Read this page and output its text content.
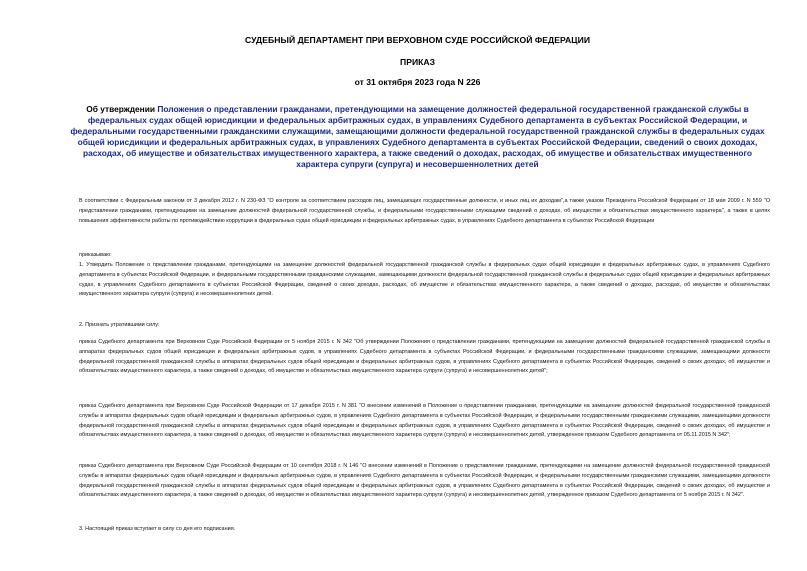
СУДЕБНЫЙ ДЕПАРТАМЕНТ ПРИ ВЕРХОВНОМ СУДЕ РОССИЙСКОЙ ФЕДЕРАЦИИ
ПРИКАЗ
от 31 октября 2023 года N 226
Об утверждении Положения о представлении гражданами, претендующими на замещение должностей федеральной государственной гражданской службы в федеральных судах общей юрисдикции и федеральных арбитражных судах, в управлениях Судебного департамента в субъектах Российской Федерации, и федеральными государственными гражданскими служащими, замещающими должности федеральной государственной гражданской службы в федеральных судах общей юрисдикции и федеральных арбитражных судах, в управлениях Судебного департамента в субъектах Российской Федерации, сведений о своих доходах, расходах, об имуществе и обязательствах имущественного характера, а также сведений о доходах, расходах, об имуществе и обязательствах имущественного характера супруги (супруга) и несовершеннолетних детей
В соответствии с Федеральным законом от 3 декабря 2012 г. N 230-ФЗ "О контроле за соответствием расходов лиц, замещающих государственные должности, и иных лиц их доходам",а также указом Президента Российской Федерации от 18 мая 2009 г. N 559 "О представлении гражданами, претендующими на замещение должностей федеральной государственной службы, и федеральными государственными служащими сведений о доходах, об имуществе и обязательствах имущественного характера", а также в целях повышения эффективности работы по противодействию коррупции в федеральных судах общей юрисдикции и федеральных арбитражных судах, в управлениях Судебного департамента в субъектах Российской Федерации
приказываю:
1. Утвердить Положение о представлении гражданами, претендующими на замещение должностей федеральной государственной гражданской службы в федеральных судах общей юрисдикции и федеральных арбитражных судах, в управлениях Судебного департамента в субъектах Российской Федерации, и федеральными государственными гражданскими служащими, замещающими должности федеральной государственной гражданской службы в федеральных судах общей юрисдикции и федеральных арбитражных судах, в управлениях Судебного департамента в субъектах Российской Федерации, сведений о своих доходах, расходах, об имуществе и обязательствах имущественного характера, а также сведений о доходах, расходах, об имуществе и обязательствах имущественного характера супруги (супруга) и несовершеннолетних детей.
2. Признать утратившими силу:
приказ Судебного департамента при Верховном Суде Российской Федерации от 5 ноября 2015 г. N 342 "Об утверждении Положения о представлении гражданами, претендующими на замещение должностей федеральной государственной гражданской службы в аппаратах федеральных судов общей юрисдикции и федеральных арбитражных судов, в управлениях Судебного департамента в субъектах Российской Федерации, и федеральными государственными гражданскими служащими, замещающими должности федеральной государственной гражданской службы в аппаратах федеральных судов общей юрисдикции и федеральных арбитражных судов, в управлениях Судебного департамента в субъектах Российской Федерации, сведений о своих доходах, об имуществе и обязательствах имущественного характера, а также сведений о доходах, об имуществе и обязательствах имущественного характера супруги (супруга) и несовершеннолетних детей";
приказ Судебного департамента при Верховном Суде Российской Федерации от 17 декабря 2015 г. N 381 "О внесении изменений в Положение о представлении гражданами, претендующими на замещение должностей федеральной государственной гражданской службы в аппаратах федеральных судов общей юрисдикции и федеральных арбитражных судов, в управлениях Судебного департамента в субъектах Российской Федерации, и федеральными государственными гражданскими служащими, замещающими должности федеральной государственной гражданской службы в аппаратах федеральных судов общей юрисдикции и федеральных арбитражных судов, в управлениях Судебного департамента в субъектах Российской Федерации, сведений о своих доходах, об имуществе и обязательствах имущественного характера, а также сведений о доходах, об имуществе и обязательствах имущественного характера супруги (супруга) и несовершеннолетних детей, утвержденное приказом Судебного департамента от 05.11.2015 N 342";
приказ Судебного департамента при Верховном Суде Российской Федерации от 10 сентября 2018 г. N 146 "О внесении изменений в Положение о представлении гражданами, претендующими на замещение должностей федеральной государственной гражданской службы в аппаратах федеральных судов общей юрисдикции и федеральных арбитражных судов, в управлениях Судебного департамента в субъектах Российской Федерации, и федеральными государственными гражданскими служащими, замещающими должности федеральной государственной гражданской службы в аппаратах федеральных судов общей юрисдикции и федеральных арбитражных судов, в управлениях Судебного департамента в субъектах Российской Федерации, сведений о своих доходах, об имуществе и обязательствах имущественного характера, а также сведений о доходах, об имуществе и обязательствах имущественного характера супруги (супруга) и несовершеннолетних детей, утвержденное приказом Судебного департамента от 5 ноября 2015 г. N 342".
3. Настоящий приказ вступает в силу со дня его подписания.
